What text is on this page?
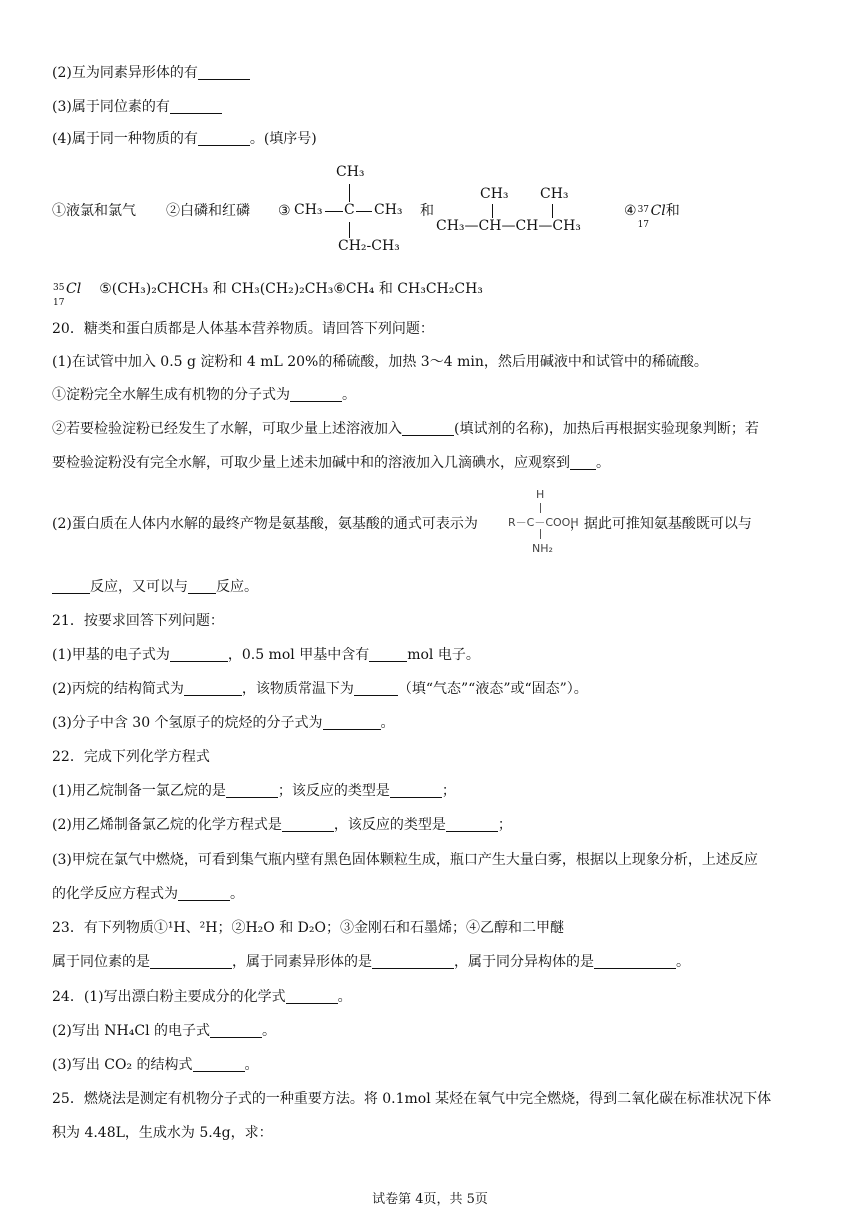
(2)互为同素异形体的有
(3)属于同位素的有
(4)属于同一种物质的有	。(填序号)
①液氯和氯气 ②白磷和红磷 ③
CH₃
CH₃ C CH₃
CH₂-CH₃
和
CH₃ CH₃
CH₃—CH—CH—CH₃
④ 37
17
Cl和
35
17
Cl ⑤(CH₃)₂CHCH₃ 和 CH₃(CH₂)₂CH₃⑥CH₄ 和 CH₃CH₂CH₃
20．糖类和蛋白质都是人体基本营养物质。请回答下列问题：
(1)在试管中加入 0.5 g 淀粉和 4 mL 20%的稀硫酸，加热 3～4 min，然后用碱液中和试管中的稀硫酸。
①淀粉完全水解生成有机物的分子式为	。
②若要检验淀粉已经发生了水解，可取少量上述溶液加入	(填试剂的名称)，加热后再根据实验现象判断；若
要检验淀粉没有完全水解，可取少量上述未加碱中和的溶液加入几滴碘水，应观察到 。
H
R－C－COOH
NH₂
(2)蛋白质在人体内水解的最终产物是氨基酸，氨基酸的通式可表示为	，据此可推知氨基酸既可以与
反应，又可以与 反应。
21．按要求回答下列问题：
(1)甲基的电子式为	，0.5 mol 甲基中含有	mol 电子。
(2)丙烷的结构简式为	，该物质常温下为	（填“气态”“液态”或“固态”）。
(3)分子中含 30 个氢原子的烷烃的分子式为	。
22．完成下列化学方程式
(1)用乙烷制备一氯乙烷的是	；该反应的类型是	；
(2)用乙烯制备氯乙烷的化学方程式是	，该反应的类型是	；
(3)甲烷在氯气中燃烧，可看到集气瓶内壁有黑色固体颗粒生成，瓶口产生大量白雾，根据以上现象分析，上述反应
的化学反应方程式为	。
23．有下列物质①¹H、²H；②H₂O 和 D₂O；③金刚石和石墨烯；④乙醇和二甲醚
属于同位素的是	，属于同素异形体的是	，属于同分异构体的是	。
24．(1)写出漂白粉主要成分的化学式	。
(2)写出 NH₄Cl 的电子式	。
(3)写出 CO₂ 的结构式	。
25．燃烧法是测定有机物分子式的一种重要方法。将 0.1mol 某烃在氧气中完全燃烧，得到二氧化碳在标准状况下体
积为 4.48L，生成水为 5.4g，求：
试卷第 4页，共 5页
